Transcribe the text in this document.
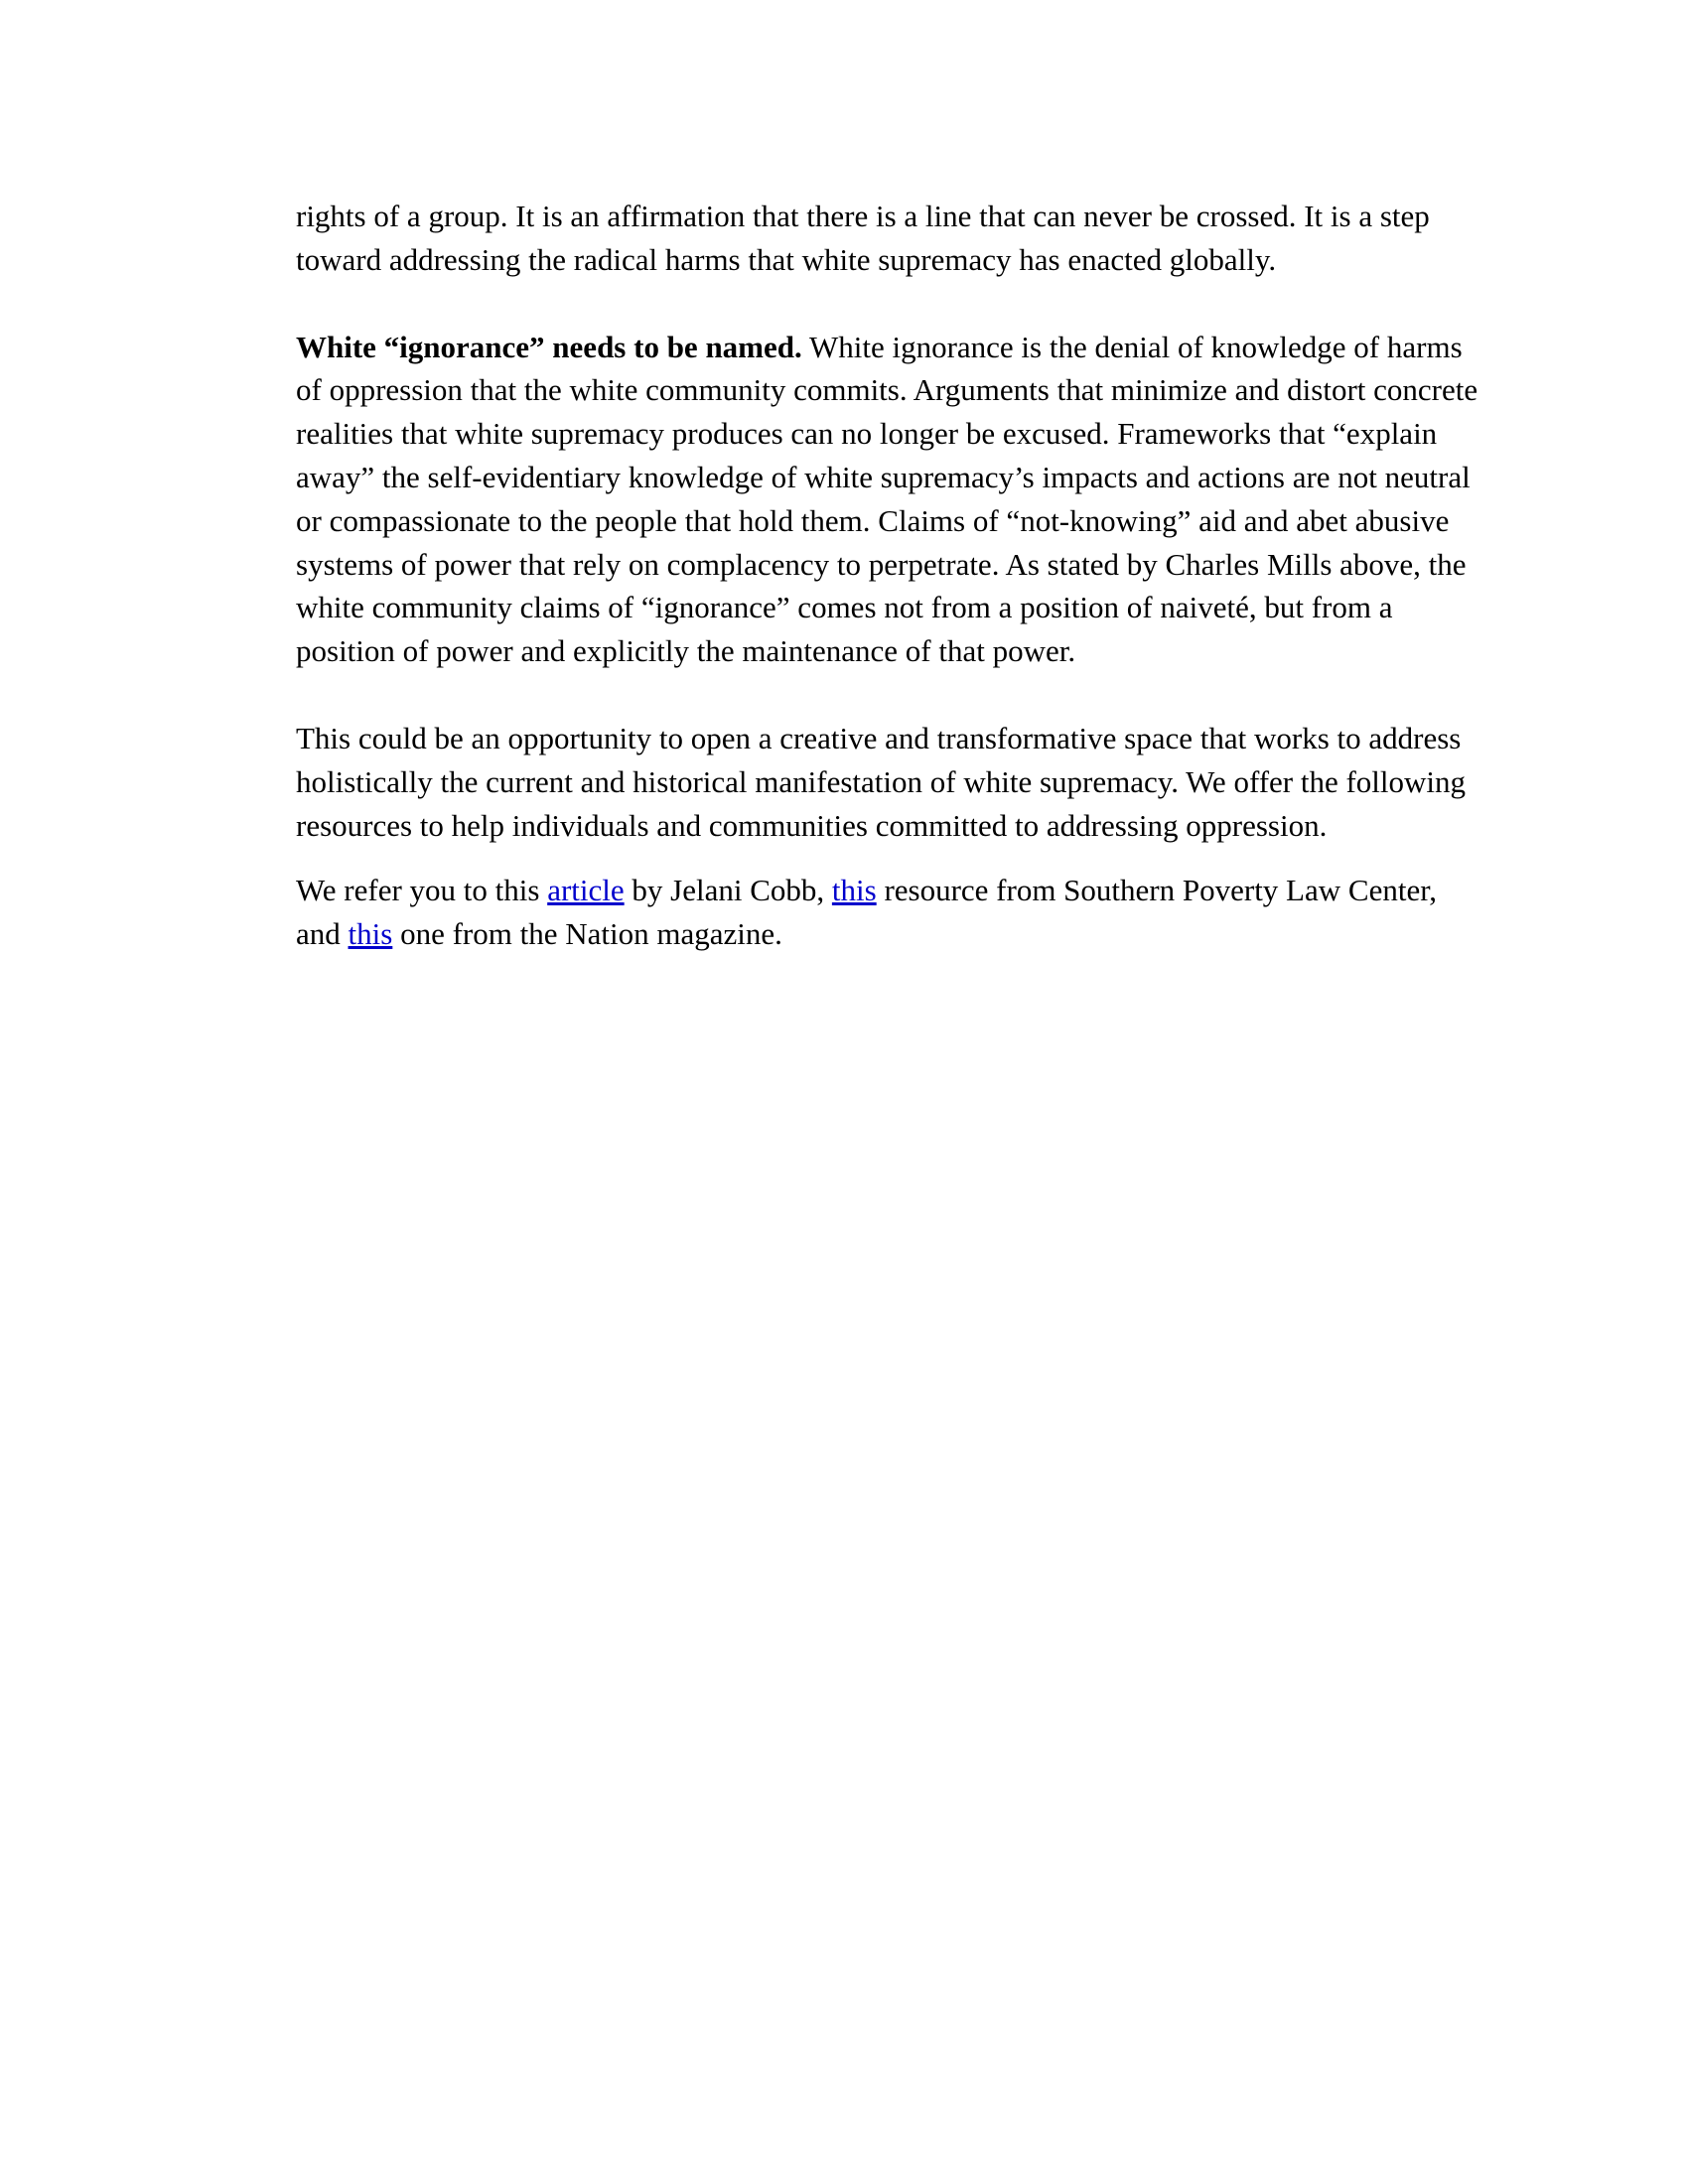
rights of a group. It is an affirmation that there is a line that can never be crossed. It is a step toward addressing the radical harms that white supremacy has enacted globally.

White “ignorance” needs to be named. White ignorance is the denial of knowledge of harms of oppression that the white community commits. Arguments that minimize and distort concrete realities that white supremacy produces can no longer be excused. Frameworks that “explain away” the self-evidentiary knowledge of white supremacy’s impacts and actions are not neutral or compassionate to the people that hold them. Claims of “not-knowing” aid and abet abusive systems of power that rely on complacency to perpetrate. As stated by Charles Mills above, the white community claims of “ignorance” comes not from a position of naiveté, but from a position of power and explicitly the maintenance of that power.

This could be an opportunity to open a creative and transformative space that works to address holistically the current and historical manifestation of white supremacy. We offer the following resources to help individuals and communities committed to addressing oppression.

We refer you to this article by Jelani Cobb, this resource from Southern Poverty Law Center, and this one from the Nation magazine.
